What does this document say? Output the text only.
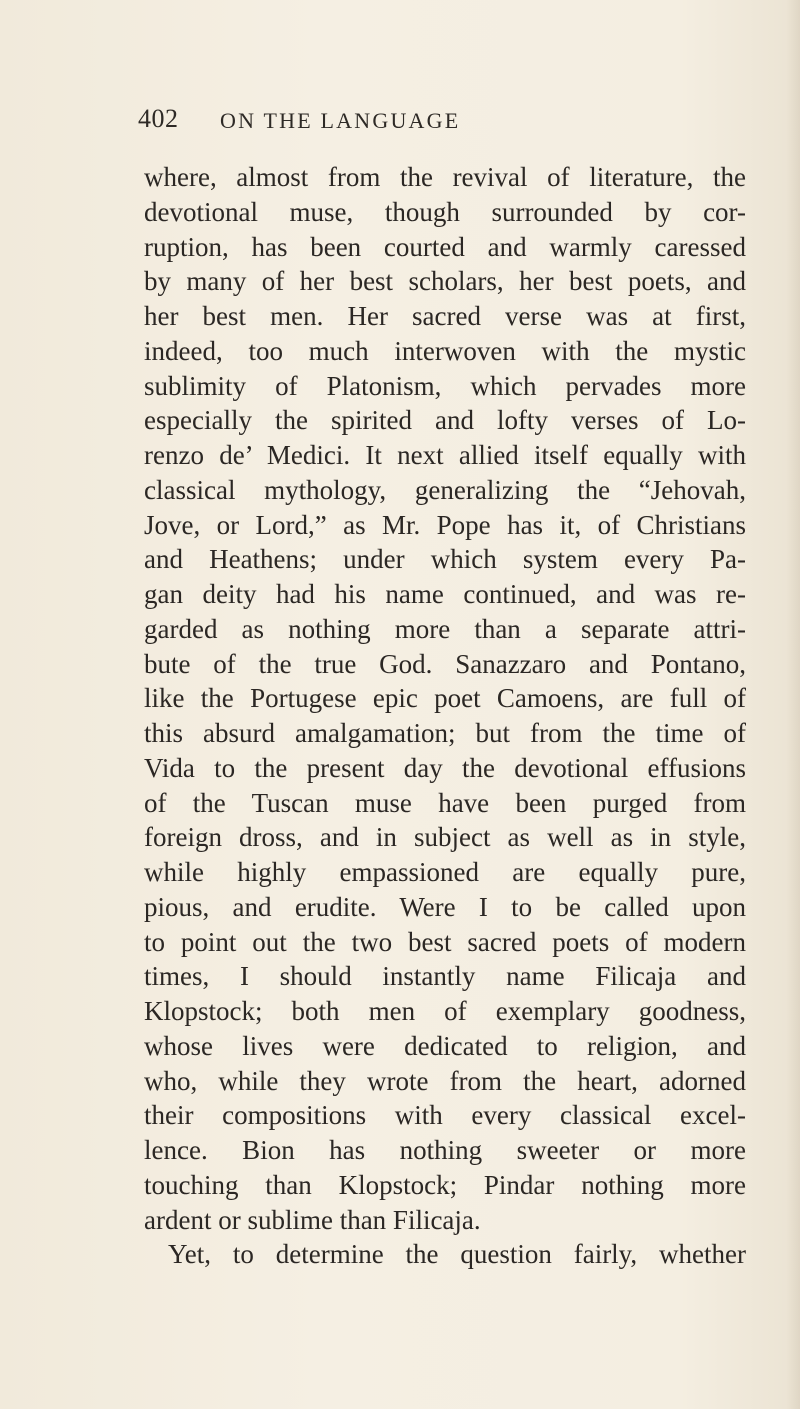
402 ON THE LANGUAGE
where, almost from the revival of literature, the
devotional muse, though surrounded by cor-
ruption, has been courted and warmly caressed
by many of her best scholars, her best poets, and
her best men. Her sacred verse was at first,
indeed, too much interwoven with the mystic
sublimity of Platonism, which pervades more
especially the spirited and lofty verses of Lo-
renzo de’ Medici. It next allied itself equally with
classical mythology, generalizing the “Jehovah,
Jove, or Lord,” as Mr. Pope has it, of Christians
and Heathens; under which system every Pa-
gan deity had his name continued, and was re-
garded as nothing more than a separate attri-
bute of the true God. Sanazzaro and Pontano,
like the Portugese epic poet Camoens, are full of
this absurd amalgamation; but from the time of
Vida to the present day the devotional effusions
of the Tuscan muse have been purged from
foreign dross, and in subject as well as in style,
while highly empassioned are equally pure,
pious, and erudite. Were I to be called upon
to point out the two best sacred poets of modern
times, I should instantly name Filicaja and
Klopstock; both men of exemplary goodness,
whose lives were dedicated to religion, and
who, while they wrote from the heart, adorned
their compositions with every classical excel-
lence. Bion has nothing sweeter or more
touching than Klopstock; Pindar nothing more
ardent or sublime than Filicaja.
Yet, to determine the question fairly, whether
